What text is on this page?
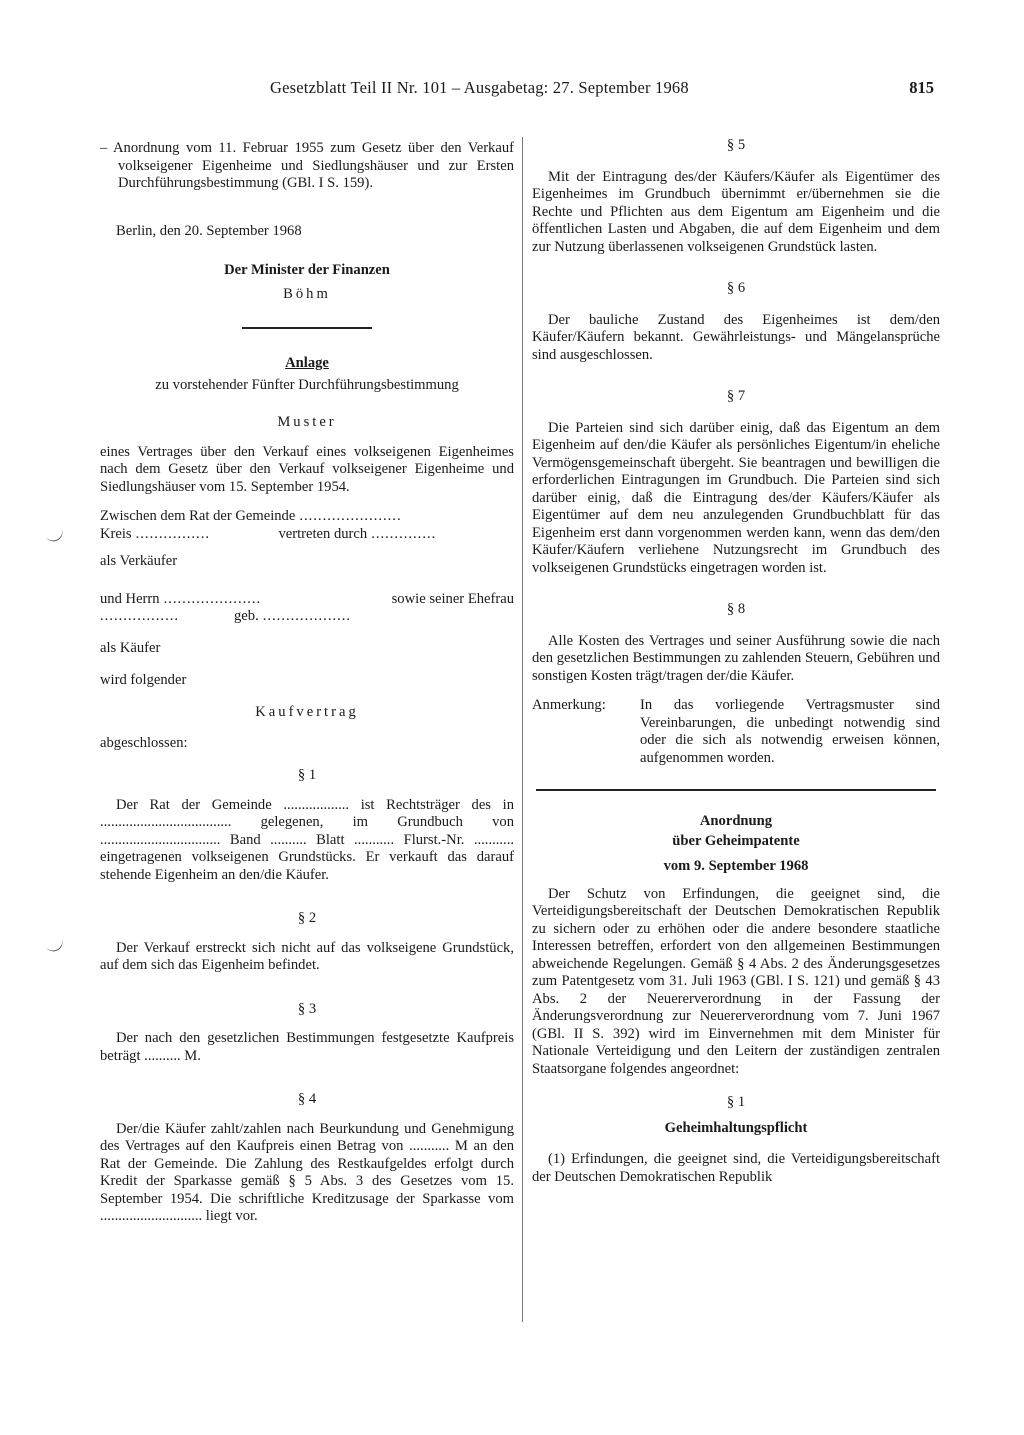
Gesetzblatt Teil II Nr. 101 – Ausgabetag: 27. September 1968	815

– Anordnung vom 11. Februar 1955 zum Gesetz über den Verkauf volkseigener Eigenheime und Siedlungshäuser und zur Ersten Durchführungsbestimmung (GBl. I S. 159).

Berlin, den 20. September 1968

Der Minister der Finanzen

Böhm

Anlage

zu vorstehender Fünfter Durchführungsbestimmung

Muster

eines Vertrages über den Verkauf eines volkseigenen Eigenheimes nach dem Gesetz über den Verkauf volkseigener Eigenheime und Siedlungshäuser vom 15. September 1954.

Zwischen dem Rat der Gemeinde ......................
Kreis ................	vertreten durch ..............

als Verkäufer

und Herrn .....................	sowie seiner Ehefrau
.................	geb. ...................

als Käufer

wird folgender

Kaufvertrag

abgeschlossen:

§ 1

Der Rat der Gemeinde .................. ist Rechtsträger des in .................................... gelegenen, im Grundbuch von ................................. Band .......... Blatt ........... Flurst.-Nr. ........... eingetragenen volkseigenen Grundstücks. Er verkauft das darauf stehende Eigenheim an den/die Käufer.

§ 2

Der Verkauf erstreckt sich nicht auf das volkseigene Grundstück, auf dem sich das Eigenheim befindet.

§ 3

Der nach den gesetzlichen Bestimmungen festgesetzte Kaufpreis beträgt .......... M.

§ 4

Der/die Käufer zahlt/zahlen nach Beurkundung und Genehmigung des Vertrages auf den Kaufpreis einen Betrag von ........... M an den Rat der Gemeinde. Die Zahlung des Restkaufgeldes erfolgt durch Kredit der Sparkasse gemäß § 5 Abs. 3 des Gesetzes vom 15. September 1954. Die schriftliche Kreditzusage der Sparkasse vom ............................ liegt vor.

§ 5

Mit der Eintragung des/der Käufers/Käufer als Eigentümer des Eigenheimes im Grundbuch übernimmt er/übernehmen sie die Rechte und Pflichten aus dem Eigentum am Eigenheim und die öffentlichen Lasten und Abgaben, die auf dem Eigenheim und dem zur Nutzung überlassenen volkseigenen Grundstück lasten.

§ 6

Der bauliche Zustand des Eigenheimes ist dem/den Käufer/Käufern bekannt. Gewährleistungs- und Mängelansprüche sind ausgeschlossen.

§ 7

Die Parteien sind sich darüber einig, daß das Eigentum an dem Eigenheim auf den/die Käufer als persönliches Eigentum/in eheliche Vermögensgemeinschaft übergeht. Sie beantragen und bewilligen die erforderlichen Eintragungen im Grundbuch. Die Parteien sind sich darüber einig, daß die Eintragung des/der Käufers/Käufer als Eigentümer auf dem neu anzulegenden Grundbuchblatt für das Eigenheim erst dann vorgenommen werden kann, wenn das dem/den Käufer/Käufern verliehene Nutzungsrecht im Grundbuch des volkseigenen Grundstücks eingetragen worden ist.

§ 8

Alle Kosten des Vertrages und seiner Ausführung sowie die nach den gesetzlichen Bestimmungen zu zahlenden Steuern, Gebühren und sonstigen Kosten trägt/tragen der/die Käufer.

Anmerkung:	In das vorliegende Vertragsmuster sind Vereinbarungen, die unbedingt notwendig sind oder die sich als notwendig erweisen können, aufgenommen worden.

Anordnung

über Geheimpatente

vom 9. September 1968

Der Schutz von Erfindungen, die geeignet sind, die Verteidigungsbereitschaft der Deutschen Demokratischen Republik zu sichern oder zu erhöhen oder die andere besondere staatliche Interessen betreffen, erfordert von den allgemeinen Bestimmungen abweichende Regelungen. Gemäß § 4 Abs. 2 des Änderungsgesetzes zum Patentgesetz vom 31. Juli 1963 (GBl. I S. 121) und gemäß § 43 Abs. 2 der Neuererverordnung in der Fassung der Änderungsverordnung zur Neuererverordnung vom 7. Juni 1967 (GBl. II S. 392) wird im Einvernehmen mit dem Minister für Nationale Verteidigung und den Leitern der zuständigen zentralen Staatsorgane folgendes angeordnet:

§ 1

Geheimhaltungspflicht

(1) Erfindungen, die geeignet sind, die Verteidigungsbereitschaft der Deutschen Demokratischen Republik
